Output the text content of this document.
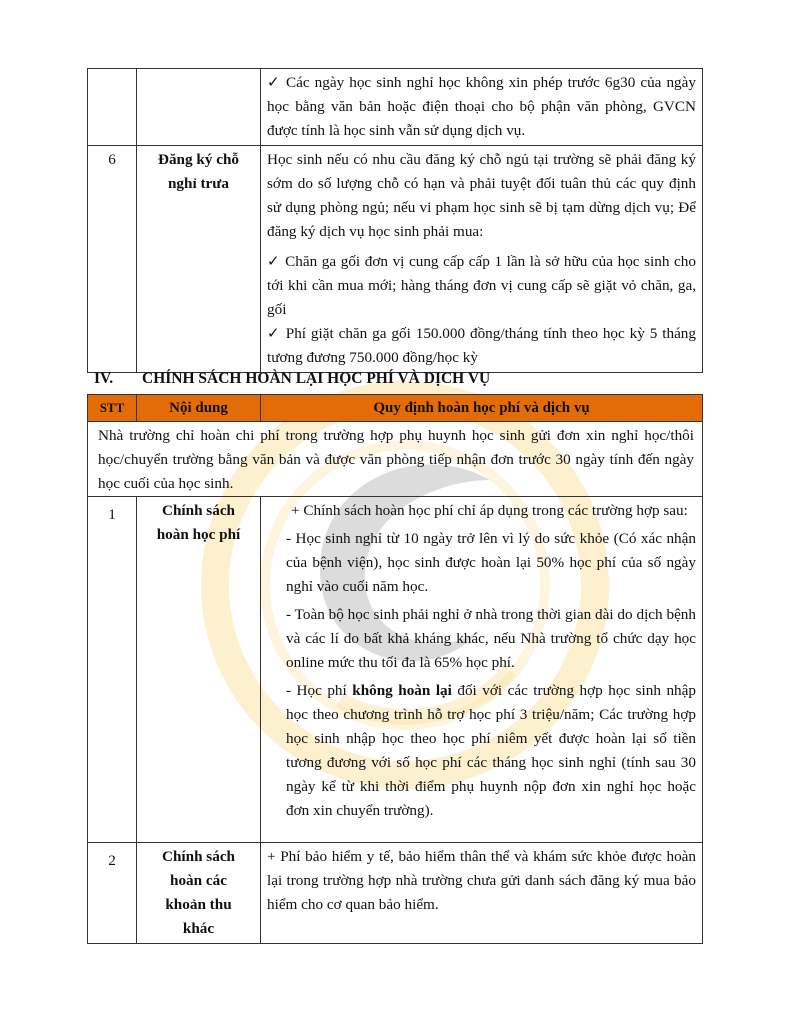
		✓ Các ngày học sinh nghỉ học không xin phép trước 6g30 của ngày học bằng văn bản hoặc điện thoại cho bộ phận văn phòng, GVCN được tính là học sinh vẫn sử dụng dịch vụ.

6	Đăng ký chỗ nghỉ trưa	Học sinh nếu có nhu cầu đăng ký chỗ ngủ tại trường sẽ phải đăng ký sớm do số lượng chỗ có hạn và phải tuyệt đối tuân thủ các quy định sử dụng phòng ngủ; nếu vi phạm học sinh sẽ bị tạm dừng dịch vụ; Để đăng ký dịch vụ học sinh phải mua:

✓ Chăn ga gối đơn vị cung cấp cấp 1 lần là sở hữu của học sinh cho tới khi cần mua mới; hàng tháng đơn vị cung cấp sẽ giặt vỏ chăn, ga, gối

✓ Phí giặt chăn ga gối 150.000 đồng/tháng tính theo học kỳ 5 tháng tương đương 750.000 đồng/học kỳ

IV. CHÍNH SÁCH HOÀN LẠI HỌC PHÍ VÀ DỊCH VỤ
STT	Nội dung	Quy định hoàn học phí và dịch vụ

Nhà trường chỉ hoàn chi phí trong trường hợp phụ huynh học sinh gửi đơn xin nghỉ học/thôi học/chuyển trường bằng văn bản và được văn phòng tiếp nhận đơn trước 30 ngày tính đến ngày học cuối của học sinh.		

1	Chính sách hoàn học phí	+ Chính sách hoàn học phí chỉ áp dụng trong các trường hợp sau:

- Học sinh nghỉ từ 10 ngày trở lên vì lý do sức khỏe (Có xác nhận của bệnh viện), học sinh được hoàn lại 50% học phí của số ngày nghỉ vào cuối năm học.

- Toàn bộ học sinh phải nghỉ ở nhà trong thời gian dài do dịch bệnh và các lí do bất khả kháng khác, nếu Nhà trường tổ chức dạy học online mức thu tối đa là 65% học phí.

- Học phí không hoàn lại đối với các trường hợp học sinh nhập học theo chương trình hỗ trợ học phí 3 triệu/năm; Các trường hợp học sinh nhập học theo học phí niêm yết được hoàn lại số tiền tương đương với số học phí các tháng học sinh nghỉ (tính sau 30 ngày kể từ khi thời điểm phụ huynh nộp đơn xin nghỉ học hoặc đơn xin chuyển trường).

2	Chính sách hoàn các khoản thu khác	+ Phí bảo hiểm y tế, bảo hiểm thân thể và khám sức khỏe được hoàn lại trong trường hợp nhà trường chưa gửi danh sách đăng ký mua bảo hiểm cho cơ quan bảo hiểm.
